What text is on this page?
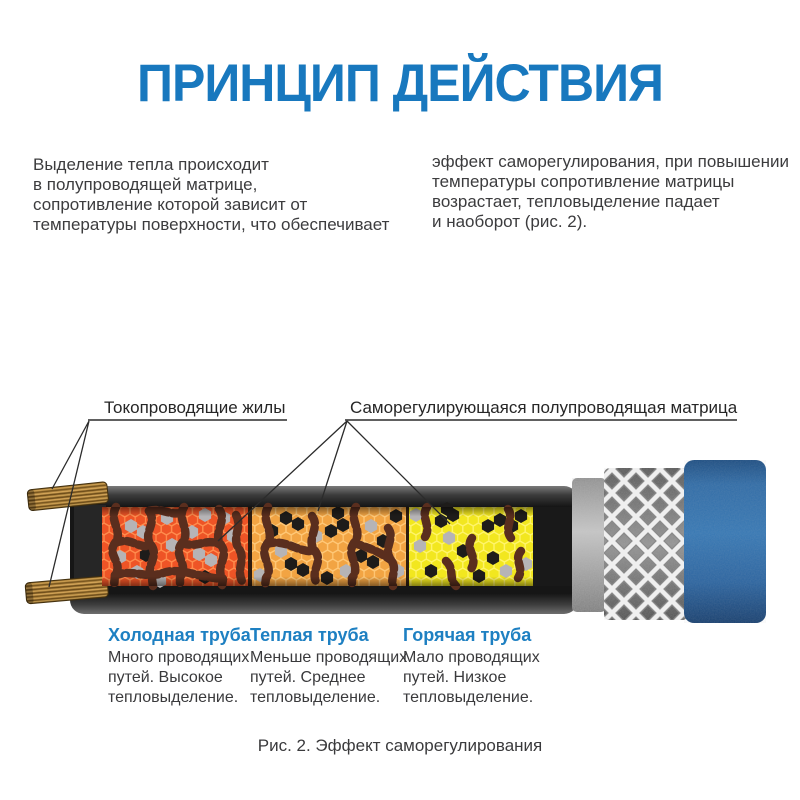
ПРИНЦИП ДЕЙСТВИЯ
Выделение тепла происходит
в полупроводящей матрице,
сопротивление которой зависит от
температуры поверхности, что обеспечивает
эффект саморегулирования, при повышении
температуры сопротивление матрицы
возрастает, тепловыделение падает
и наоборот (рис. 2).
Токопроводящие жилы	Саморегулирующаяся полупроводящая матрица
Холодная труба
Много проводящих
путей. Высокое
тепловыделение.
Теплая труба
Меньше проводящих
путей. Среднее
тепловыделение.
Горячая труба
Мало проводящих
путей. Низкое
тепловыделение.
Рис. 2. Эффект саморегулирования
